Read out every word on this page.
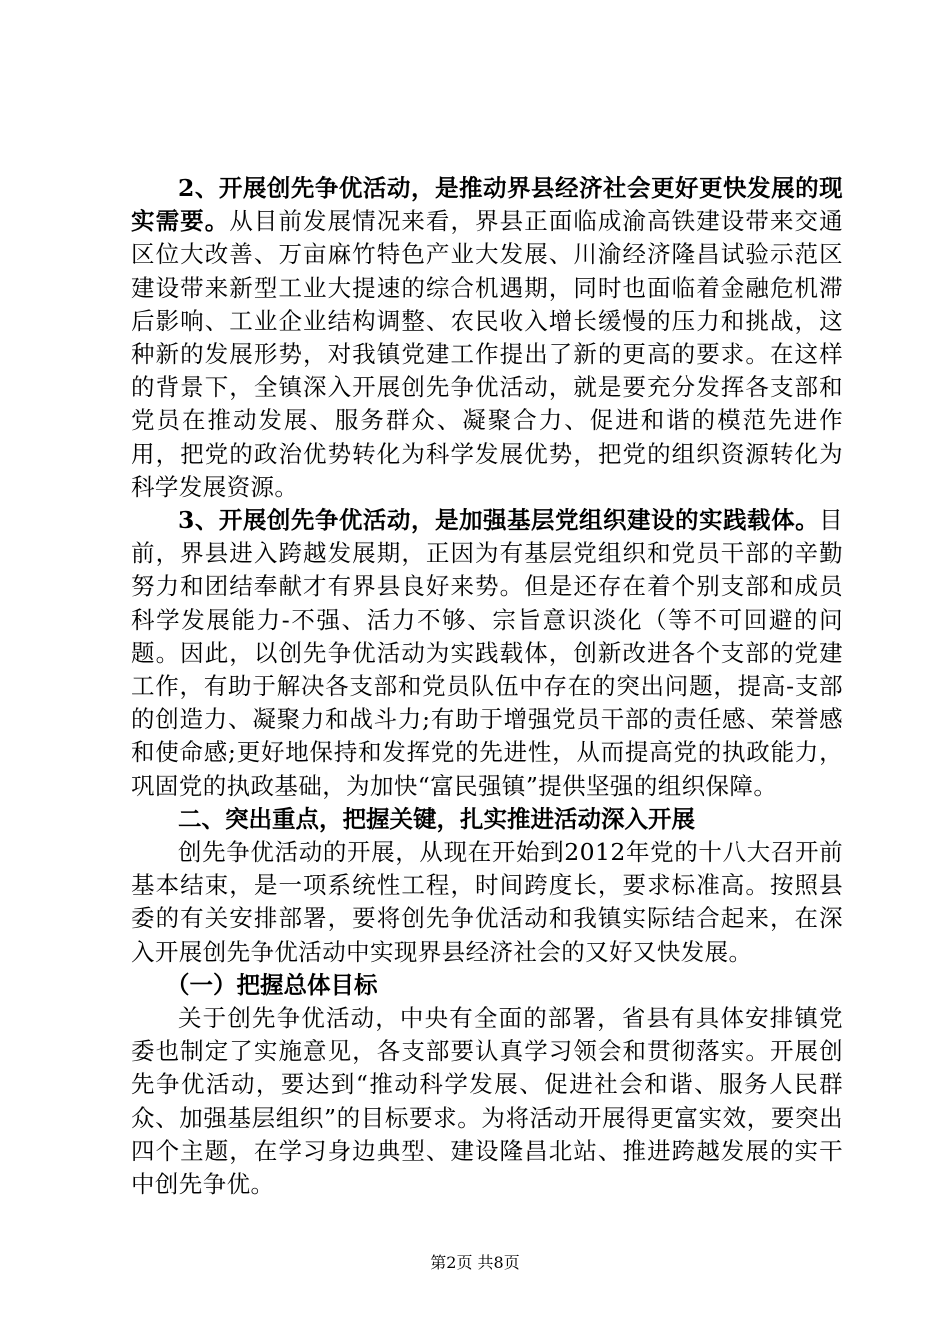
2、开展创先争优活动，是推动界县经济社会更好更快发展的现实需要。从目前发展情况来看，界县正面临成渝高铁建设带来交通区位大改善、万亩麻竹特色产业大发展、川渝经济隆昌试验示范区建设带来新型工业大提速的综合机遇期，同时也面临着金融危机滞后影响、工业企业结构调整、农民收入增长缓慢的压力和挑战，这种新的发展形势，对我镇党建工作提出了新的更高的要求。在这样的背景下，全镇深入开展创先争优活动，就是要充分发挥各支部和党员在推动发展、服务群众、凝聚合力、促进和谐的模范先进作用，把党的政治优势转化为科学发展优势，把党的组织资源转化为科学发展资源。

3、开展创先争优活动，是加强基层党组织建设的实践载体。目前，界县进入跨越发展期，正因为有基层党组织和党员干部的辛勤努力和团结奉献才有界县良好来势。但是还存在着个别支部和成员科学发展能力-不强、活力不够、宗旨意识淡化（等不可回避的问题。因此，以创先争优活动为实践载体，创新改进各个支部的党建工作，有助于解决各支部和党员队伍中存在的突出问题，提高-支部的创造力、凝聚力和战斗力;有助于增强党员干部的责任感、荣誉感和使命感;更好地保持和发挥党的先进性，从而提高党的执政能力，巩固党的执政基础，为加快“富民强镇”提供坚强的组织保障。

二、突出重点，把握关键，扎实推进活动深入开展

创先争优活动的开展，从现在开始到2012年党的十八大召开前基本结束，是一项系统性工程，时间跨度长，要求标准高。按照县委的有关安排部署，要将创先争优活动和我镇实际结合起来，在深入开展创先争优活动中实现界县经济社会的又好又快发展。

（一）把握总体目标

关于创先争优活动，中央有全面的部署，省县有具体安排镇党委也制定了实施意见，各支部要认真学习领会和贯彻落实。开展创先争优活动，要达到“推动科学发展、促进社会和谐、服务人民群众、加强基层组织”的目标要求。为将活动开展得更富实效，要突出四个主题，在学习身边典型、建设隆昌北站、推进跨越发展的实干中创先争优。

第2页 共8页
